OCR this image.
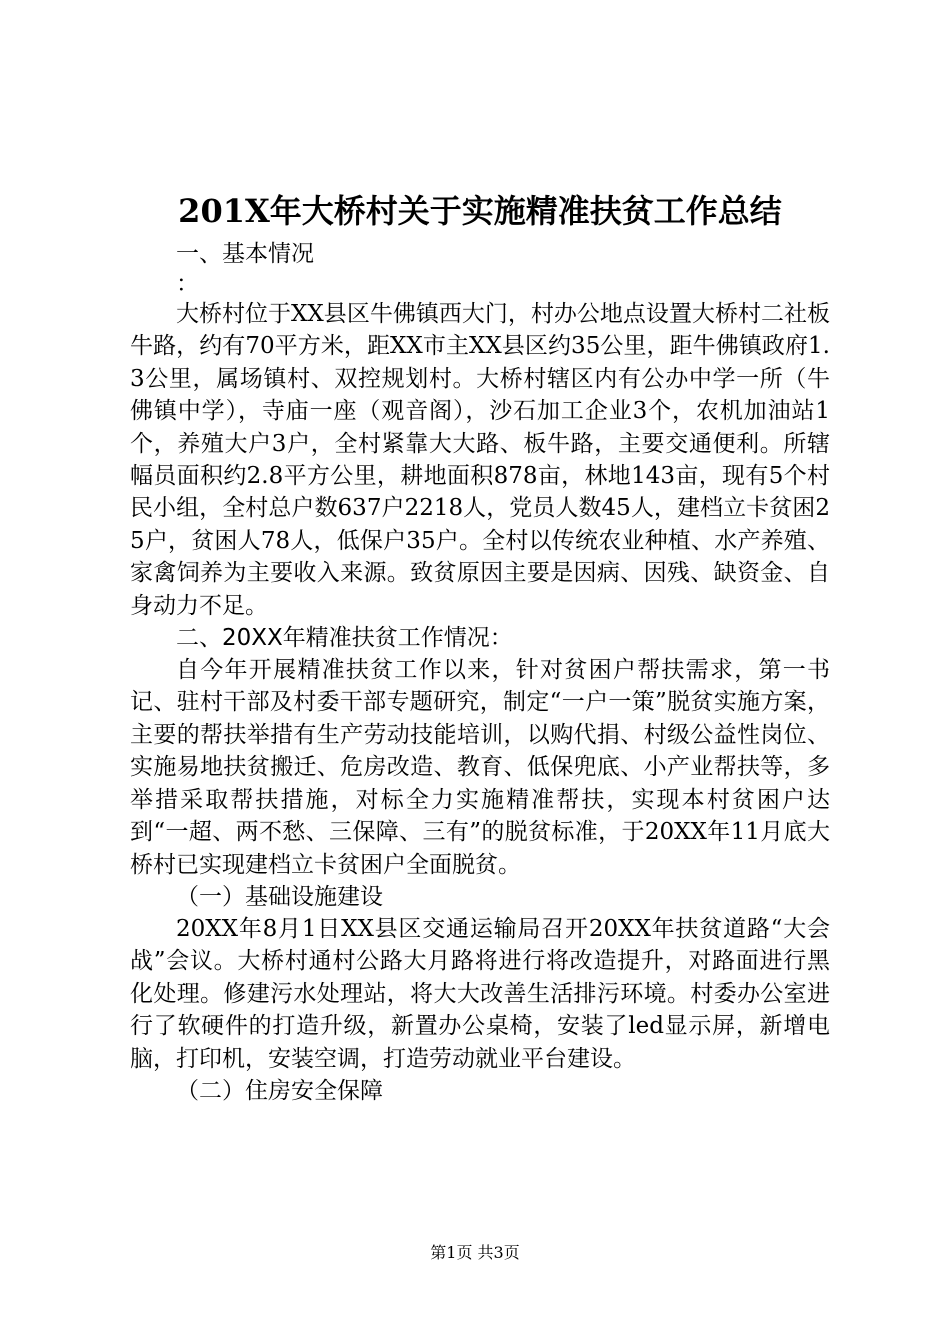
201X年大桥村关于实施精准扶贫工作总结
一、基本情况
：

大桥村位于XX县区牛佛镇西大门，村办公地点设置大桥村二社板牛路，约有70平方米，距XX市主XX县区约35公里，距牛佛镇政府1.3公里，属场镇村、双控规划村。大桥村辖区内有公办中学一所（牛佛镇中学），寺庙一座（观音阁），沙石加工企业3个，农机加油站1个，养殖大户3户，全村紧靠大大路、板牛路，主要交通便利。所辖幅员面积约2.8平方公里，耕地面积878亩，林地143亩，现有5个村民小组，全村总户数637户2218人，党员人数45人，建档立卡贫困25户，贫困人78人，低保户35户。全村以传统农业种植、水产养殖、家禽饲养为主要收入来源。致贫原因主要是因病、因残、缺资金、自身动力不足。

二、20XX年精准扶贫工作情况：

自今年开展精准扶贫工作以来，针对贫困户帮扶需求，第一书记、驻村干部及村委干部专题研究，制定“一户一策”脱贫实施方案，主要的帮扶举措有生产劳动技能培训，以购代捐、村级公益性岗位、实施易地扶贫搬迁、危房改造、教育、低保兜底、小产业帮扶等，多举措采取帮扶措施，对标全力实施精准帮扶，实现本村贫困户达到“一超、两不愁、三保障、三有”的脱贫标准，于20XX年11月底大桥村已实现建档立卡贫困户全面脱贫。

（一）基础设施建设

20XX年8月1日XX县区交通运输局召开20XX年扶贫道路“大会战”会议。大桥村通村公路大月路将进行将改造提升，对路面进行黑化处理。修建污水处理站，将大大改善生活排污环境。村委办公室进行了软硬件的打造升级，新置办公桌椅，安装了led显示屏，新增电脑，打印机，安装空调，打造劳动就业平台建设。

（二）住房安全保障
第1页 共3页
